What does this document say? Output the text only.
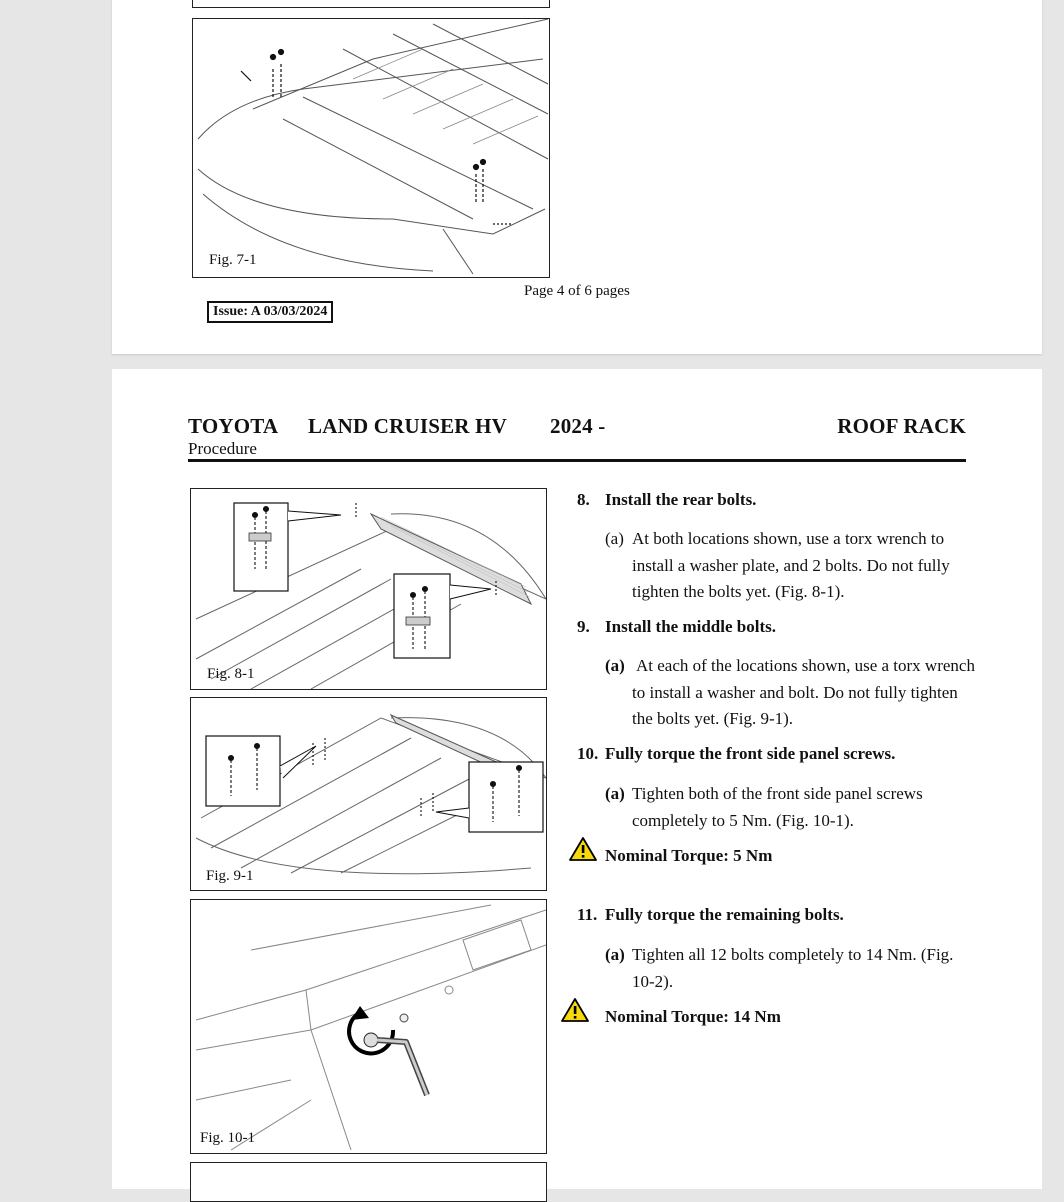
Fig. 7-1
Page 4 of 6 pages
Issue: A 03/03/2024
TOYOTA LAND CRUISER HV 2024 -	ROOF RACK
Procedure
Fig. 8-1
Fig. 9-1
Fig. 10-1
8. Install the rear bolts.
(a) At both locations shown, use a torx wrench to install a washer plate, and 2 bolts. Do not fully tighten the bolts yet. (Fig. 8-1).
9. Install the middle bolts.
(a) At each of the locations shown, use a torx wrench to install a washer and bolt. Do not fully tighten the bolts yet. (Fig. 9-1).
10. Fully torque the front side panel screws.
(a) Tighten both of the front side panel screws completely to 5 Nm. (Fig. 10-1).
Nominal Torque: 5 Nm
11. Fully torque the remaining bolts.
(a) Tighten all 12 bolts completely to 14 Nm. (Fig. 10-2).
Nominal Torque: 14 Nm
